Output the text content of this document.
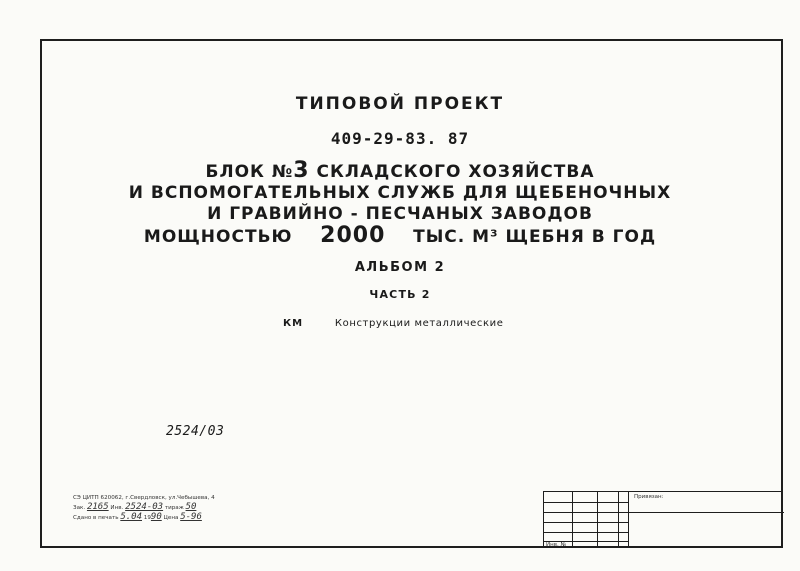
ТИПОВОЙ ПРОЕКТ
409-29-83. 87
БЛОК №3 СКЛАДСКОГО ХОЗЯЙСТВА
И ВСПОМОГАТЕЛЬНЫХ СЛУЖБ ДЛЯ ЩЕБЕНОЧНЫХ
И ГРАВИЙНО - ПЕСЧАНЫХ ЗАВОДОВ
МОЩНОСТЬЮ 2000 ТЫС. М³ ЩЕБНЯ В ГОД
АЛЬБОМ 2
ЧАСТЬ 2
КМ	Конструкции металлические
2524/03
СЭ ЦИТП 620062, г.Свердловск, ул.Чебышева, 4
Зак. 2165 Инв. 2524-03 тираж 50
Сдано в печать 5.04 1990 Цена 5-96
Привязан:
Инв. №
